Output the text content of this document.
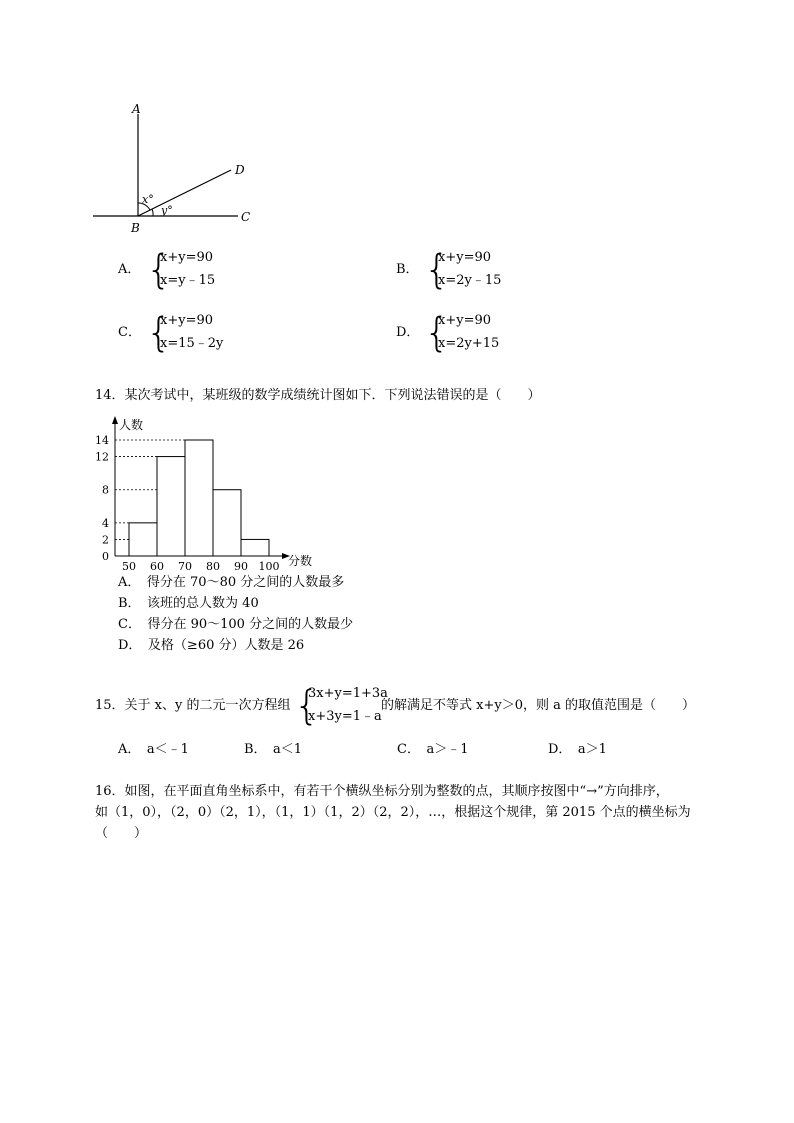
A
B
C
D
x°
y°
A． {
x+y=90
x=y﹣15
B． {
x+y=90
x=2y﹣15
C． {
x+y=90
x=15﹣2y
D． {
x+y=90
x=2y+15
14．某次考试中，某班级的数学成绩统计图如下．下列说法错误的是（　　）
人数
分数
0
2
4
8
12
14
50 60 70 80 90 100
A．　得分在 70～80 分之间的人数最多
B．　该班的总人数为 40
C．　得分在 90～100 分之间的人数最少
D．　及格（≥60 分）人数是 26
15．关于 x、y 的二元一次方程组 {
3x+y=1+3a
x+3y=1﹣a
的解满足不等式 x+y＞0，则 a 的取值范围是（　　）
A．　a＜﹣1	B．　a＜1	C．　a＞﹣1	D．　a＞1
16．如图，在平面直角坐标系中，有若干个横纵坐标分别为整数的点，其顺序按图中“→”方向排序，
如（1，0），（2，0）（2，1），（1，1）（1，2）（2，2），…，根据这个规律，第 2015 个点的横坐标为
（　　）
